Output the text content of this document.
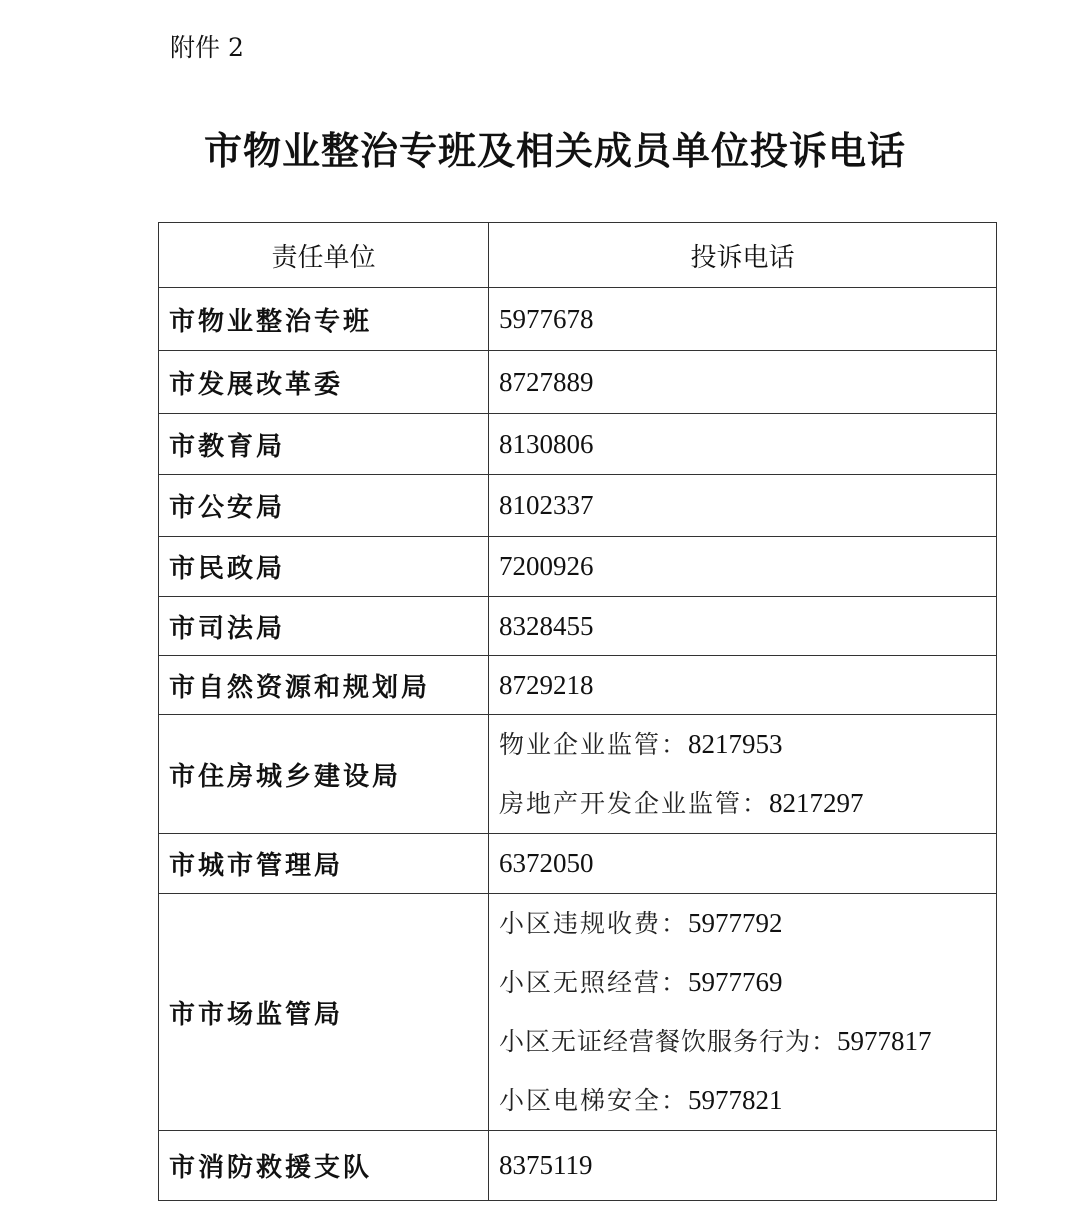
附件 2
市物业整治专班及相关成员单位投诉电话
责任单位	投诉电话
市物业整治专班	5977678
市发展改革委	8727889
市教育局	8130806
市公安局	8102337
市民政局	7200926
市司法局	8328455
市自然资源和规划局	8729218
市住房城乡建设局	物业企业监管：8217953
房地产开发企业监管：8217297

市城市管理局	6372050
市市场监管局	小区违规收费：5977792
小区无照经营：5977769
小区无证经营餐饮服务行为：5977817
小区电梯安全：5977821

市消防救援支队	8375119
